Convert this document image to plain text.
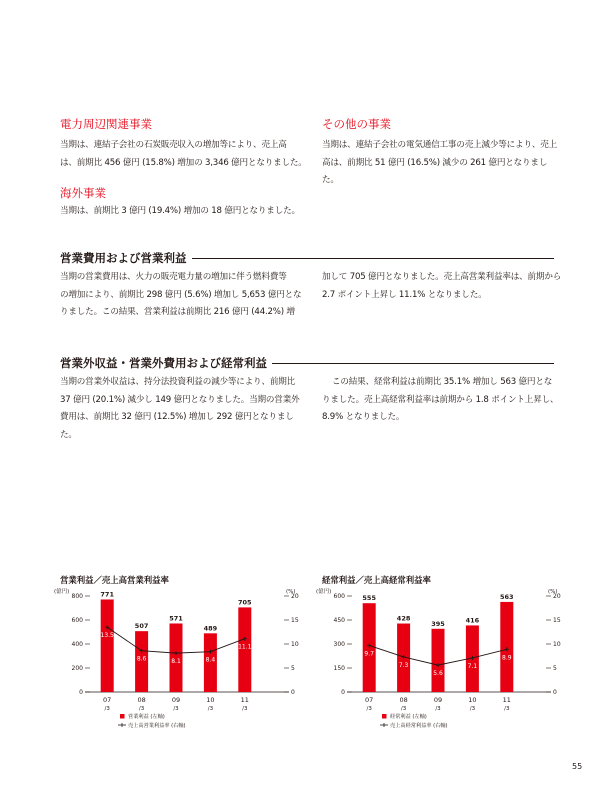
電力周辺関連事業

当期は、連結子会社の石炭販売収入の増加等により、売上高

は、前期比 456 億円 (15.8%) 増加の 3,346 億円となりました。

その他の事業

当期は、連結子会社の電気通信工事の売上減少等により、売上

高は、前期比 51 億円 (16.5%) 減少の 261 億円となりました。

海外事業

当期は、前期比 3 億円 (19.4%) 増加の 18 億円となりました。

営業費用および営業利益

当期の営業費用は、火力の販売電力量の増加に伴う燃料費等

の増加により、前期比 298 億円 (5.6%) 増加し 5,653 億円とな

りました。この結果、営業利益は前期比 216 億円 (44.2%) 増

加して 705 億円となりました。売上高営業利益率は、前期から

2.7 ポイント上昇し 11.1% となりました。

営業外収益・営業外費用および経常利益

当期の営業外収益は、持分法投資利益の減少等により、前期比

37 億円 (20.1%) 減少し 149 億円となりました。当期の営業外

費用は、前期比 32 億円 (12.5%) 増加し 292 億円となりました。

この結果、経常利益は前期比 35.1% 増加し 563 億円とな

りました。売上高経常利益率は前期から 1.8 ポイント上昇し、

8.9% となりました。

営業利益／売上高営業利益率
(億円)	(%)
0
200
400
600
800
0
5
10
15
20
771
507
571
489
705
13.5
8.6	8.1	8.4
11.1
07
/3
08
/3
09
/3
10
/3
11
/3
営業利益 (左軸)
売上高営業利益率 (右軸)
経常利益／売上高経常利益率
(億円)	(%)
0
150
300
450
600
0
5
10
15
20
555
428
395	416
563
9.7
7.3
5.6
7.1
8.9
07
/3
08
/3
09
/3
10
/3
11
/3
経常利益 (左軸)
売上高経常利益率 (右軸)
55
